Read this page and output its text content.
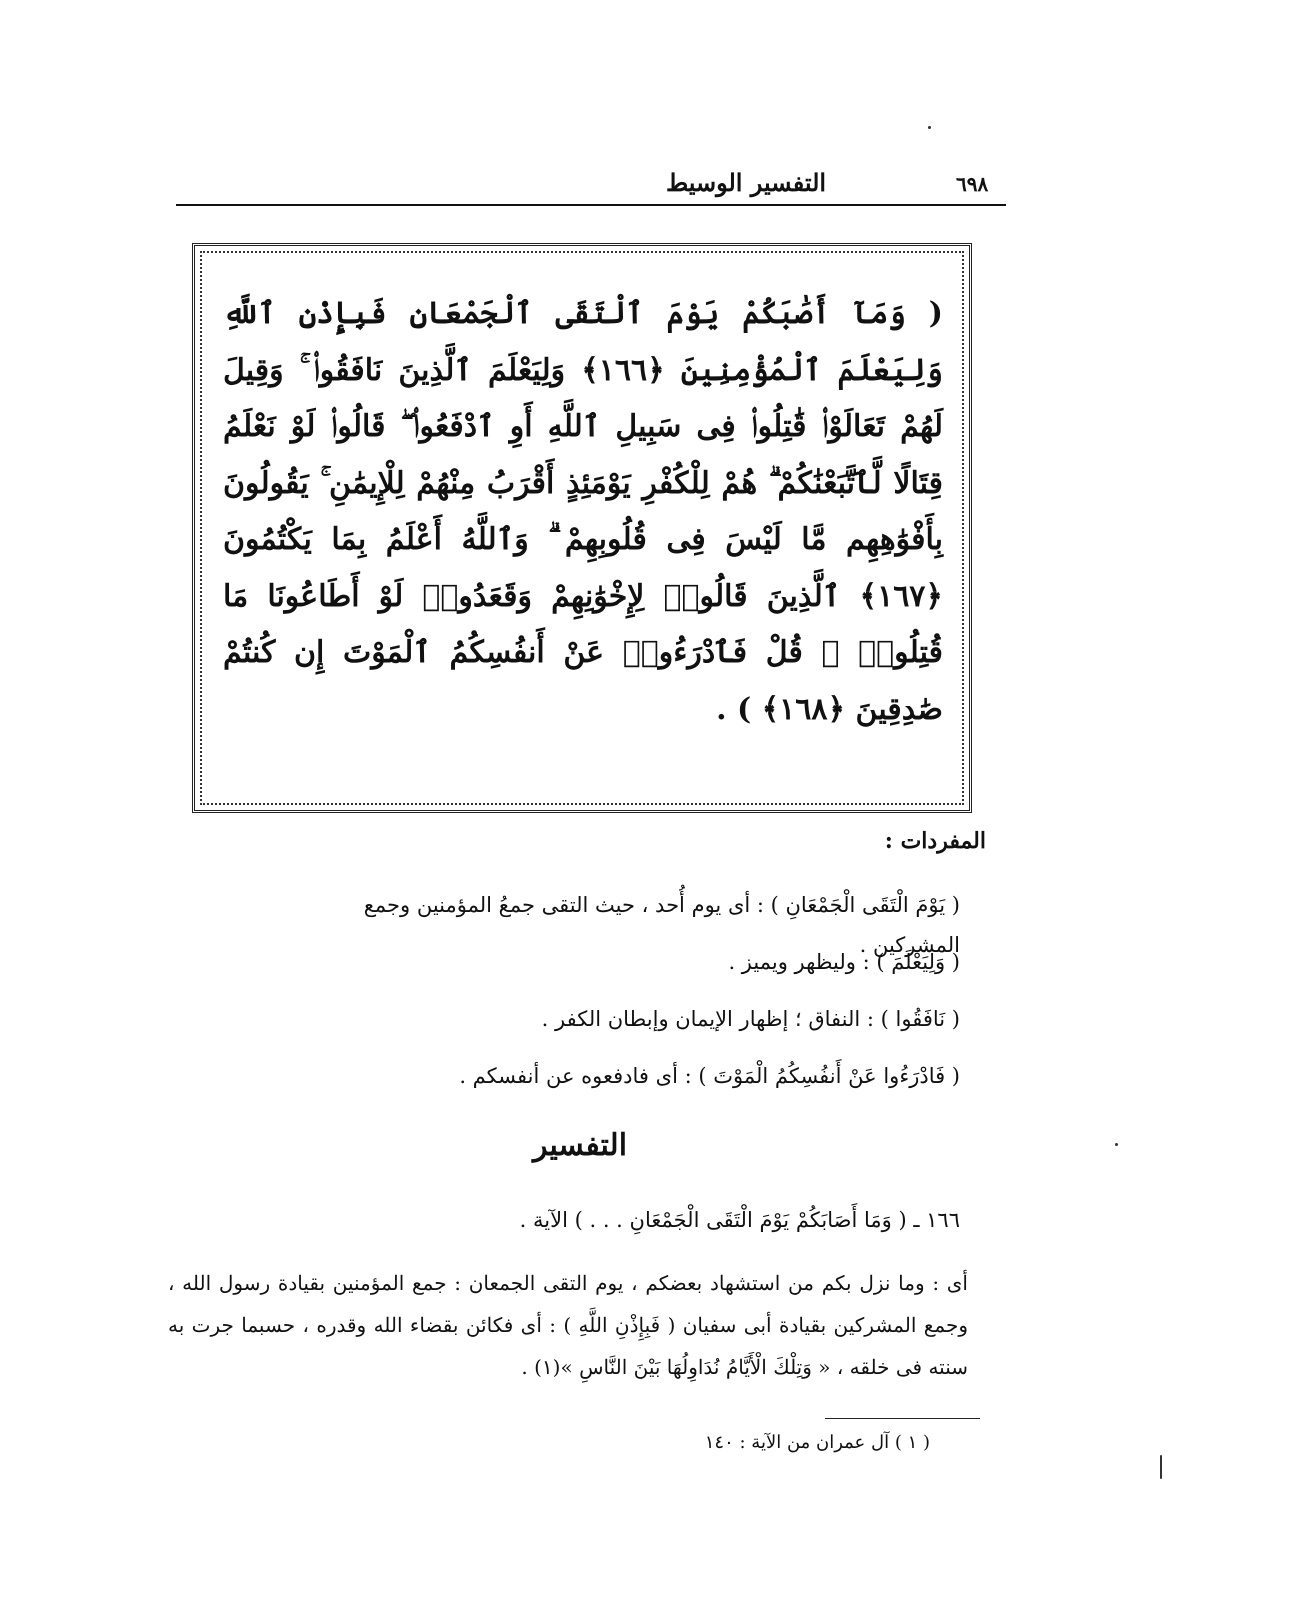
٦٩٨
التفسير الوسيط
( وَمَآ أَصَٰبَكُمْ يَوْمَ ٱلْتَقَى ٱلْجَمْعَانِ فَبِإِذْنِ ٱللَّهِ وَلِيَعْلَمَ ٱلْمُؤْمِنِينَ ﴿١٦٦﴾ وَلِيَعْلَمَ ٱلَّذِينَ نَافَقُوا۟ ۚ وَقِيلَ لَهُمْ تَعَالَوْا۟ قَٰتِلُوا۟ فِى سَبِيلِ ٱللَّهِ أَوِ ٱدْفَعُوا۟ ۖ قَالُوا۟ لَوْ نَعْلَمُ قِتَالًا لَّٱتَّبَعْنَٰكُمْ ۗ هُمْ لِلْكُفْرِ يَوْمَئِذٍ أَقْرَبُ مِنْهُمْ لِلْإِيمَٰنِ ۚ يَقُولُونَ بِأَفْوَٰهِهِم مَّا لَيْسَ فِى قُلُوبِهِمْ ۗ وَٱللَّهُ أَعْلَمُ بِمَا يَكْتُمُونَ ﴿١٦٧﴾ ٱلَّذِينَ قَالُوا۟ لِإِخْوَٰنِهِمْ وَقَعَدُوا۟ لَوْ أَطَاعُونَا مَا قُتِلُوا۟ ۗ قُلْ فَٱدْرَءُوا۟ عَنْ أَنفُسِكُمُ ٱلْمَوْتَ إِن كُنتُمْ صَٰدِقِينَ ﴿١٦٨﴾ ) .
المفردات :
( يَوْمَ الْتَقَى الْجَمْعَانِ ) : أى يوم أُحد ، حيث التقى جمعُ المؤمنين وجمع المشركين .
( وَلِيَعْلَمَ ) : وليظهر ويميز .
( نَافَقُوا ) : النفاق ؛ إظهار الإيمان وإبطان الكفر .
( فَادْرَءُوا عَنْ أَنفُسِكُمُ الْمَوْتَ ) : أى فادفعوه عن أنفسكم .
التفسير
١٦٦ ـ ( وَمَا أَصَابَكُمْ يَوْمَ الْتَقَى الْجَمْعَانِ . . . ) الآية .
أى : وما نزل بكم من استشهاد بعضكم ، يوم التقى الجمعان : جمع المؤمنين بقيادة رسول الله ، وجمع المشركين بقيادة أبى سفيان ( فَبِإِذْنِ اللَّهِ ) : أى فكائن بقضاء الله وقدره ، حسبما جرت به سنته فى خلقه ، « وَتِلْكَ الْأَيَّامُ نُدَاوِلُهَا بَيْنَ النَّاسِ »(١) .
( ١ ) آل عمران من الآية : ١٤٠
